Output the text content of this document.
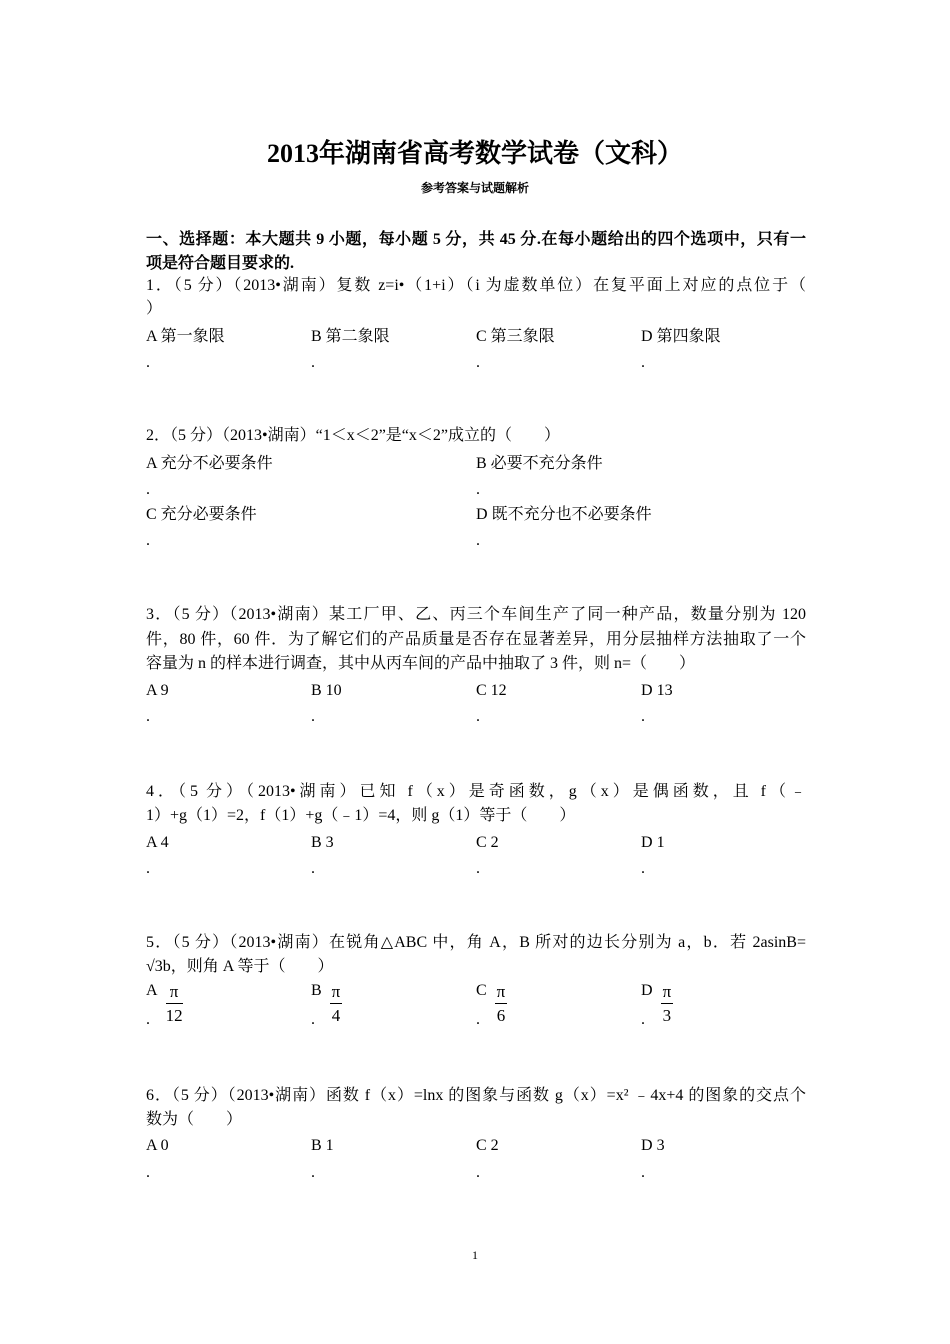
2013年湖南省高考数学试卷（文科）
参考答案与试题解析
一、选择题：本大题共 9 小题，每小题 5 分，共 45 分.在每小题给出的四个选项中，只有一
项是符合题目要求的.
1．（5 分）（2013•湖南）复数 z=i•（1+i）（i 为虚数单位）在复平面上对应的点位于（
）
A 第一象限
.
B 第二象限
.
C 第三象限
.
D 第四象限
.
2．（5 分）（2013•湖南）“1＜x＜2”是“x＜2”成立的（　　）
A 充分不必要条件
.
B 必要不充分条件
.
C 充分必要条件
.
D 既不充分也不必要条件
.
3．（5 分）（2013•湖南）某工厂甲、乙、丙三个车间生产了同一种产品，数量分别为 120
件，80 件，60 件．为了解它们的产品质量是否存在显著差异，用分层抽样方法抽取了一个
容量为 n 的样本进行调查，其中从丙车间的产品中抽取了 3 件，则 n=（　　）
A 9
.
B 10
.
C 12
.
D 13
.
4．（5 分）（2013•湖南）已知 f（x）是奇函数，g（x）是偶函数，且 f（﹣
1）+g（1）=2，f（1）+g（﹣1）=4，则 g（1）等于（　　）
A 4
.
B 3
.
C 2
.
D 1
.
5．（5 分）（2013•湖南）在锐角△ABC 中，角 A，B 所对的边长分别为 a，b．若 2asinB=
√3b，则角 A 等于（　　）
A $\frac{\pi}{12}$
.
B $\frac{\pi}{4}$
.
C $\frac{\pi}{6}$
.
D $\frac{\pi}{3}$
.
6．（5 分）（2013•湖南）函数 f（x）=lnx 的图象与函数 g（x）=x² ﹣4x+4 的图象的交点个
数为（　　）
A 0
.
B 1
.
C 2
.
D 3
.
1
